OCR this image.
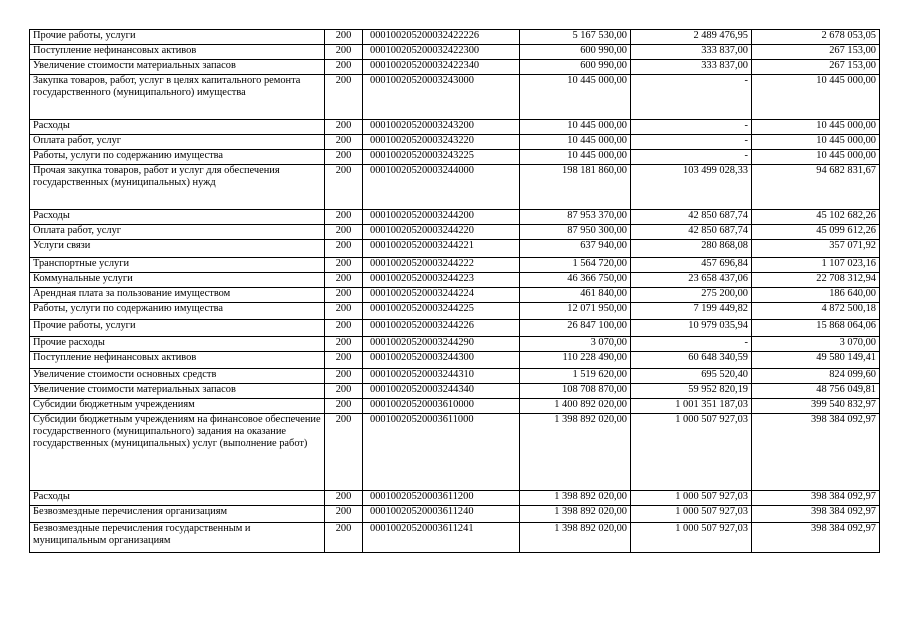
Прочие работы, услуги	200	000100205200032422226	5 167 530,00	2 489 476,95	2 678 053,05
Поступление нефинансовых активов	200	000100205200032422300	600 990,00	333 837,00	267 153,00
Увеличение стоимости материальных запасов	200	000100205200032422340	600 990,00	333 837,00	267 153,00
Закупка товаров, работ, услуг в целях капитального ремонта государственного (муниципального) имущества	200	00010020520003243000	10 445 000,00	-	10 445 000,00
Расходы	200	00010020520003243200	10 445 000,00	-	10 445 000,00
Оплата работ, услуг	200	00010020520003243220	10 445 000,00	-	10 445 000,00
Работы, услуги по содержанию имущества	200	00010020520003243225	10 445 000,00	-	10 445 000,00
Прочая закупка товаров, работ и услуг для обеспечения государственных (муниципальных) нужд	200	00010020520003244000	198 181 860,00	103 499 028,33	94 682 831,67
Расходы	200	00010020520003244200	87 953 370,00	42 850 687,74	45 102 682,26
Оплата работ, услуг	200	00010020520003244220	87 950 300,00	42 850 687,74	45 099 612,26
Услуги связи	200	00010020520003244221	637 940,00	280 868,08	357 071,92
Транспортные услуги	200	00010020520003244222	1 564 720,00	457 696,84	1 107 023,16
Коммунальные услуги	200	00010020520003244223	46 366 750,00	23 658 437,06	22 708 312,94
Арендная плата за пользование имуществом	200	00010020520003244224	461 840,00	275 200,00	186 640,00
Работы, услуги по содержанию имущества	200	00010020520003244225	12 071 950,00	7 199 449,82	4 872 500,18
Прочие работы, услуги	200	00010020520003244226	26 847 100,00	10 979 035,94	15 868 064,06
Прочие расходы	200	00010020520003244290	3 070,00	-	3 070,00
Поступление нефинансовых активов	200	00010020520003244300	110 228 490,00	60 648 340,59	49 580 149,41
Увеличение стоимости основных средств	200	00010020520003244310	1 519 620,00	695 520,40	824 099,60
Увеличение стоимости материальных запасов	200	00010020520003244340	108 708 870,00	59 952 820,19	48 756 049,81
Субсидии бюджетным учреждениям	200	00010020520003610000	1 400 892 020,00	1 001 351 187,03	399 540 832,97
Субсидии бюджетным учреждениям на финансовое обеспечение государственного (муниципального) задания на оказание государственных (муниципальных) услуг (выполнение работ)	200	00010020520003611000	1 398 892 020,00	1 000 507 927,03	398 384 092,97
Расходы	200	00010020520003611200	1 398 892 020,00	1 000 507 927,03	398 384 092,97
Безвозмездные перечисления организациям	200	00010020520003611240	1 398 892 020,00	1 000 507 927,03	398 384 092,97
Безвозмездные перечисления государственным и муниципальным организациям	200	00010020520003611241	1 398 892 020,00	1 000 507 927,03	398 384 092,97
